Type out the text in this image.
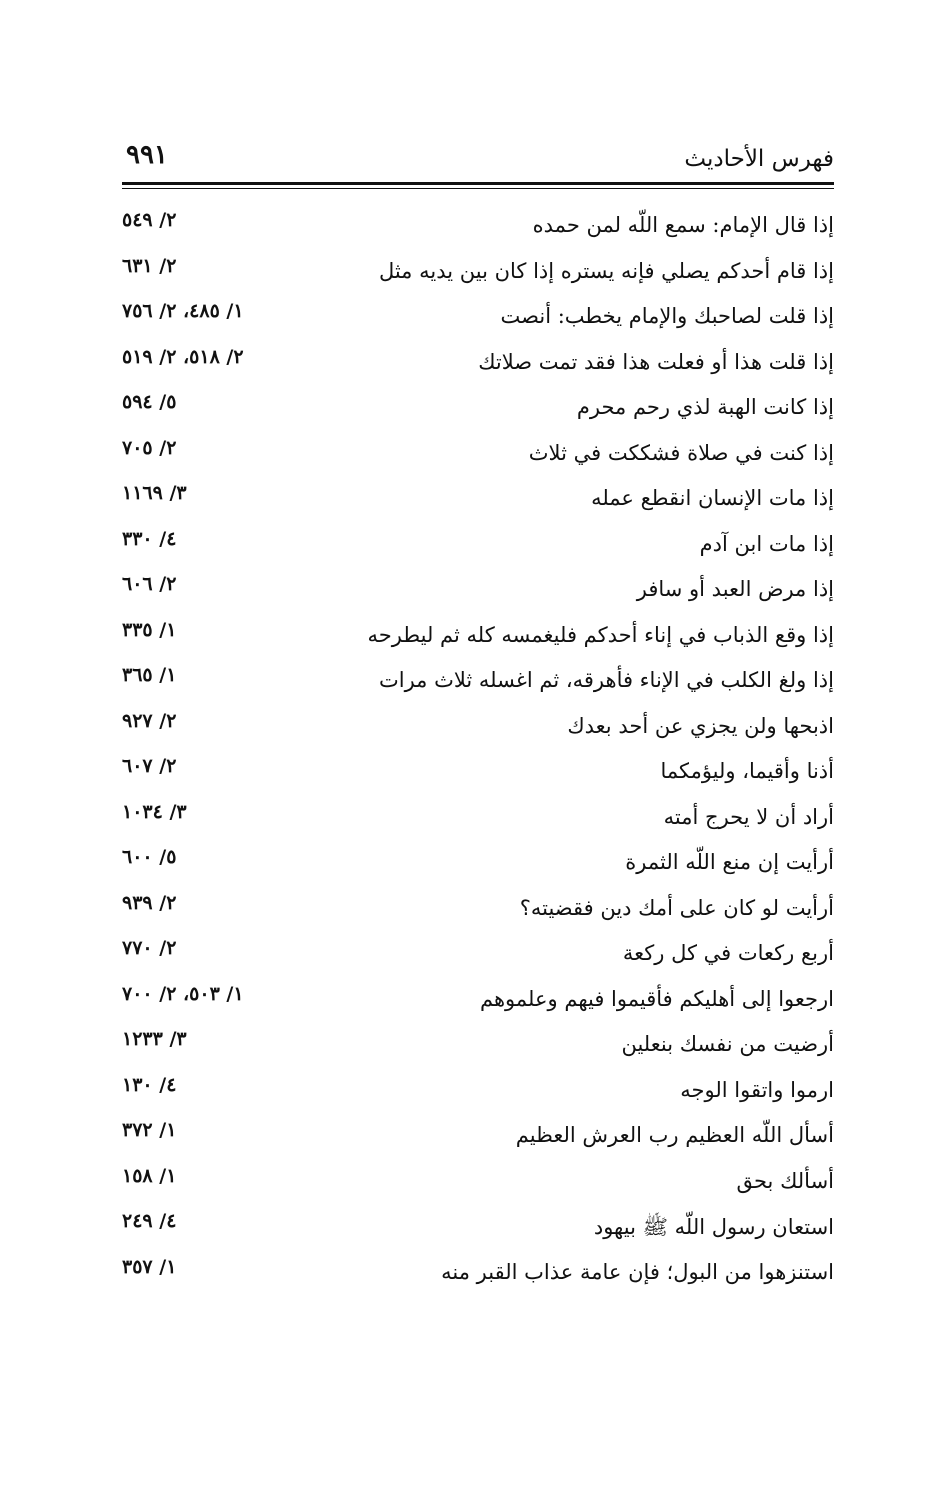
فهرس الأحاديث
٩٩١
إذا قال الإمام: سمع اللّه لمن حمده
٢/ ٥٤٩
إذا قام أحدكم يصلي فإنه يستره إذا كان بين يديه مثل
٢/ ٦٣١
إذا قلت لصاحبك والإمام يخطب: أنصت
١/ ٤٨٥، ٢/ ٧٥٦
إذا قلت هذا أو فعلت هذا فقد تمت صلاتك
٢/ ٥١٨، ٢/ ٥١٩
إذا كانت الهبة لذي رحم محرم
٥/ ٥٩٤
إذا كنت في صلاة فشككت في ثلاث
٢/ ٧٠٥
إذا مات الإنسان انقطع عمله
٣/ ١١٦٩
إذا مات ابن آدم
٤/ ٣٣٠
إذا مرض العبد أو سافر
٢/ ٦٠٦
إذا وقع الذباب في إناء أحدكم فليغمسه كله ثم ليطرحه
١/ ٣٣٥
إذا ولغ الكلب في الإناء فأهرقه، ثم اغسله ثلاث مرات
١/ ٣٦٥
اذبحها ولن يجزي عن أحد بعدك
٢/ ٩٢٧
أذنا وأقيما، وليؤمكما
٢/ ٦٠٧
أراد أن لا يحرج أمته
٣/ ١٠٣٤
أرأيت إن منع اللّه الثمرة
٥/ ٦٠٠
أرأيت لو كان على أمك دين فقضيته؟
٢/ ٩٣٩
أربع ركعات في كل ركعة
٢/ ٧٧٠
ارجعوا إلى أهليكم فأقيموا فيهم وعلموهم
١/ ٥٠٣، ٢/ ٧٠٠
أرضيت من نفسك بنعلين
٣/ ١٢٣٣
ارموا واتقوا الوجه
٤/ ١٣٠
أسأل اللّه العظيم رب العرش العظيم
١/ ٣٧٢
أسألك بحق
١/ ١٥٨
استعان رسول اللّه ﷺ بيهود
٤/ ٢٤٩
استنزهوا من البول؛ فإن عامة عذاب القبر منه
١/ ٣٥٧
